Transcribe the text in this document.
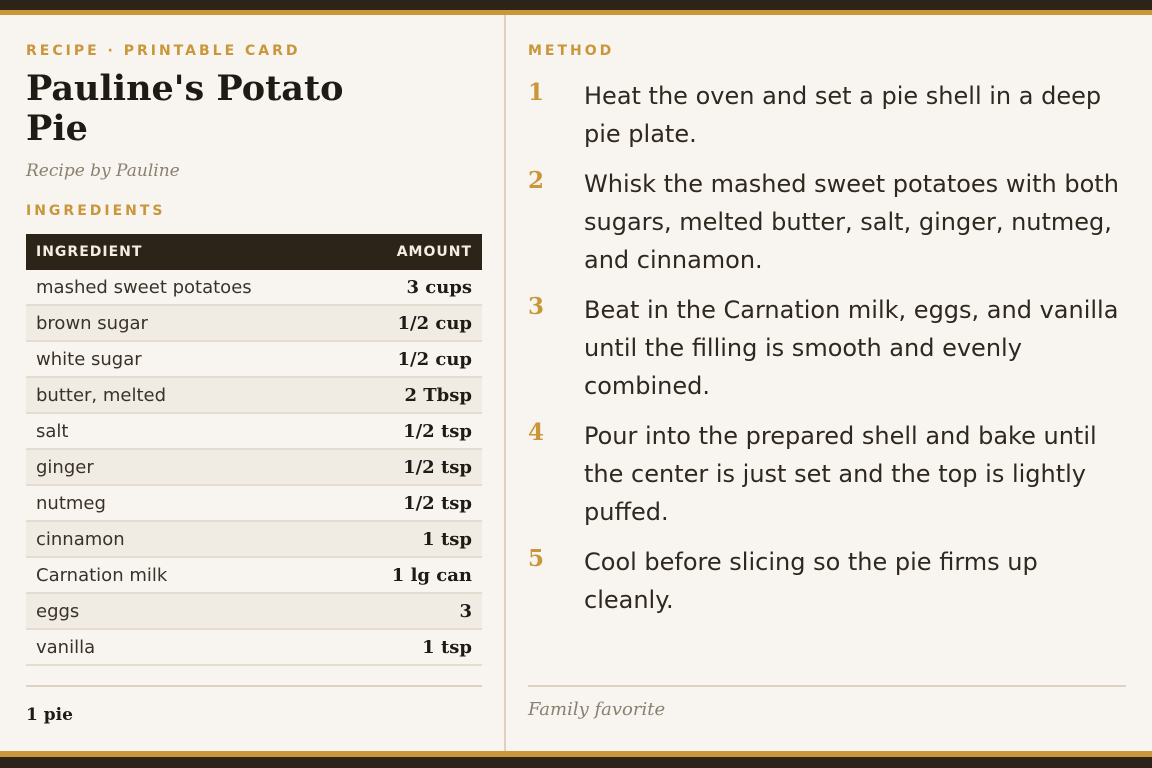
RECIPE · PRINTABLE CARD
Pauline's Potato Pie
Recipe by Pauline
INGREDIENTS
INGREDIENT	AMOUNT
mashed sweet potatoes	3 cups
brown sugar	1/2 cup
white sugar	1/2 cup
butter, melted	2 Tbsp
salt	1/2 tsp
ginger	1/2 tsp
nutmeg	1/2 tsp
cinnamon	1 tsp
Carnation milk	1 lg can
eggs	3
vanilla	1 tsp
1 pie
METHOD
1 Heat the oven and set a pie shell in a deep pie plate.
2 Whisk the mashed sweet potatoes with both sugars, melted butter, salt, ginger, nutmeg, and cinnamon.
3 Beat in the Carnation milk, eggs, and vanilla until the filling is smooth and evenly combined.
4 Pour into the prepared shell and bake until the center is just set and the top is lightly puffed.
5 Cool before slicing so the pie firms up cleanly.
Family favorite
